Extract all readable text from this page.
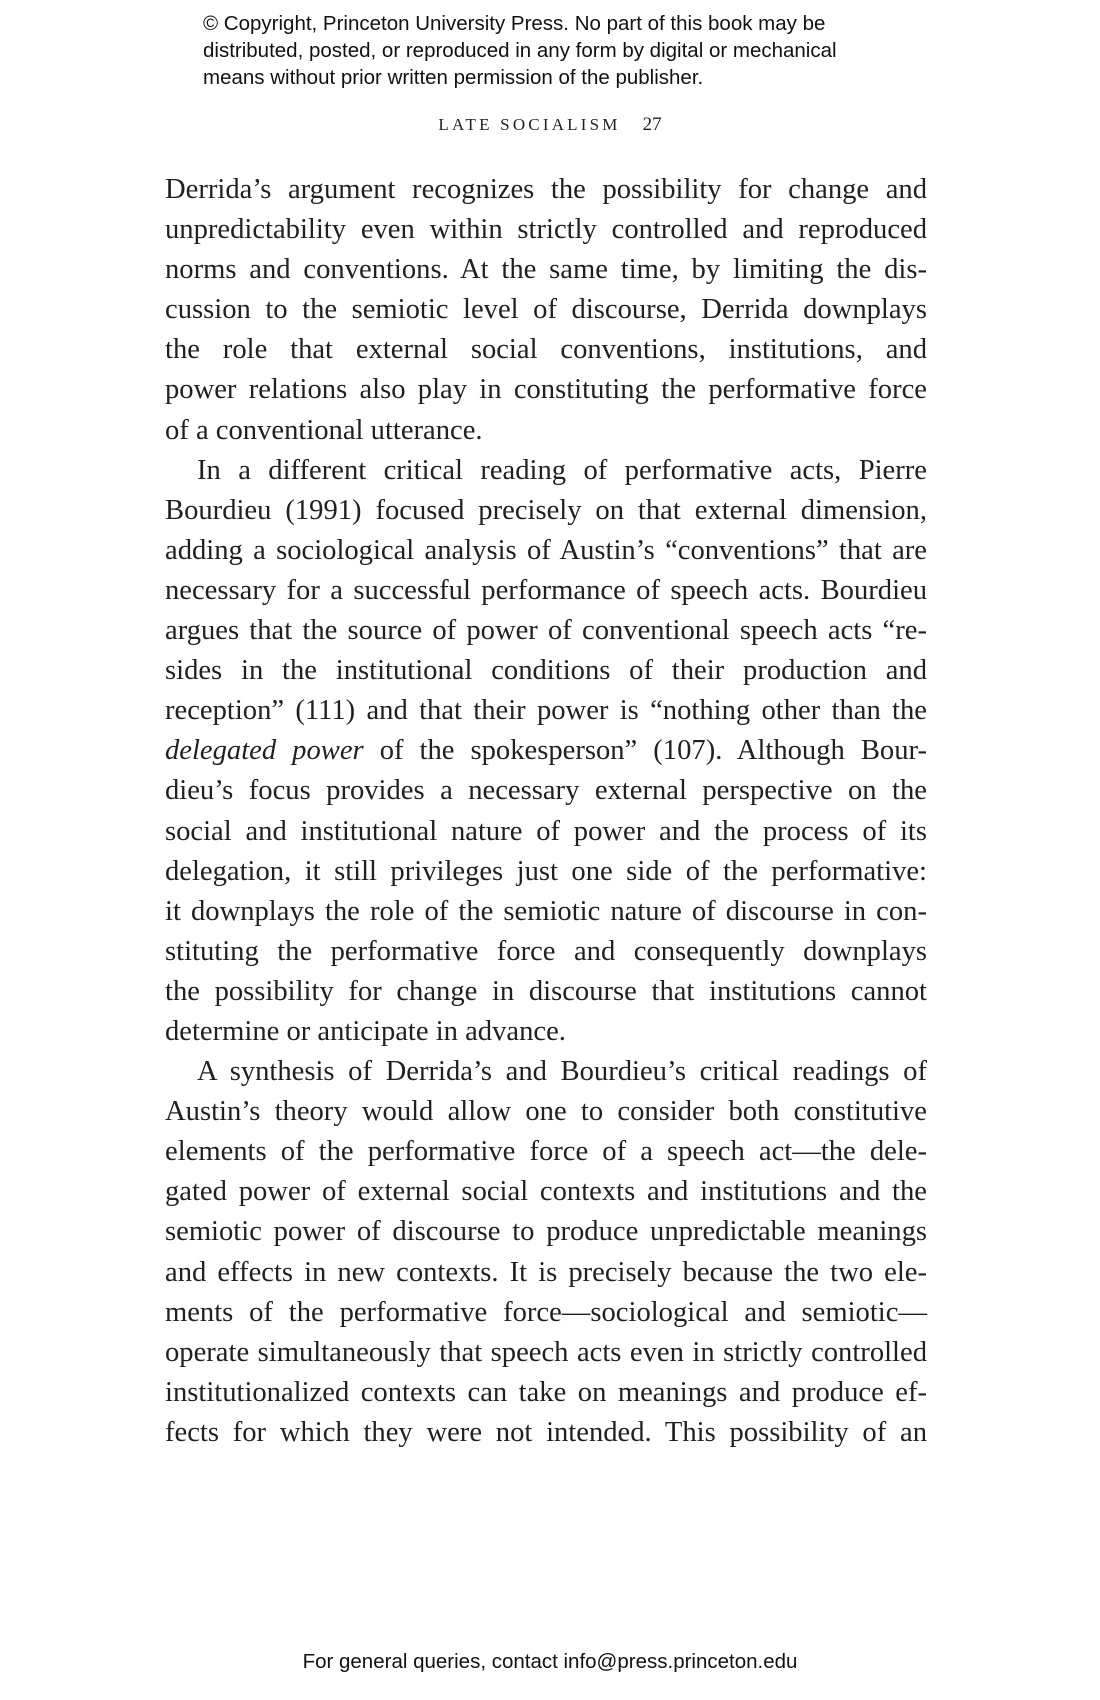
© Copyright, Princeton University Press. No part of this book may be
distributed, posted, or reproduced in any form by digital or mechanical
means without prior written permission of the publisher.
LATE SOCIALISM 27
Derrida’s argument recognizes the possibility for change and
unpredictability even within strictly controlled and reproduced
norms and conventions. At the same time, by limiting the dis-
cussion to the semiotic level of discourse, Derrida downplays
the role that external social conventions, institutions, and
power relations also play in constituting the performative force
of a conventional utterance.
In a different critical reading of performative acts, Pierre
Bourdieu (1991) focused precisely on that external dimension,
adding a sociological analysis of Austin’s “conventions” that are
necessary for a successful performance of speech acts. Bourdieu
argues that the source of power of conventional speech acts “re-
sides in the institutional conditions of their production and
reception” (111) and that their power is “nothing other than the
delegated power of the spokesperson” (107). Although Bour-
dieu’s focus provides a necessary external perspective on the
social and institutional nature of power and the process of its
delegation, it still privileges just one side of the performative:
it downplays the role of the semiotic nature of discourse in con-
stituting the performative force and consequently downplays
the possibility for change in discourse that institutions cannot
determine or anticipate in advance.
A synthesis of Derrida’s and Bourdieu’s critical readings of
Austin’s theory would allow one to consider both constitutive
elements of the performative force of a speech act—the dele-
gated power of external social contexts and institutions and the
semiotic power of discourse to produce unpredictable meanings
and effects in new contexts. It is precisely because the two ele-
ments of the performative force—sociological and semiotic—
operate simultaneously that speech acts even in strictly controlled
institutionalized contexts can take on meanings and produce ef-
fects for which they were not intended. This possibility of an
For general queries, contact info@press.princeton.edu
